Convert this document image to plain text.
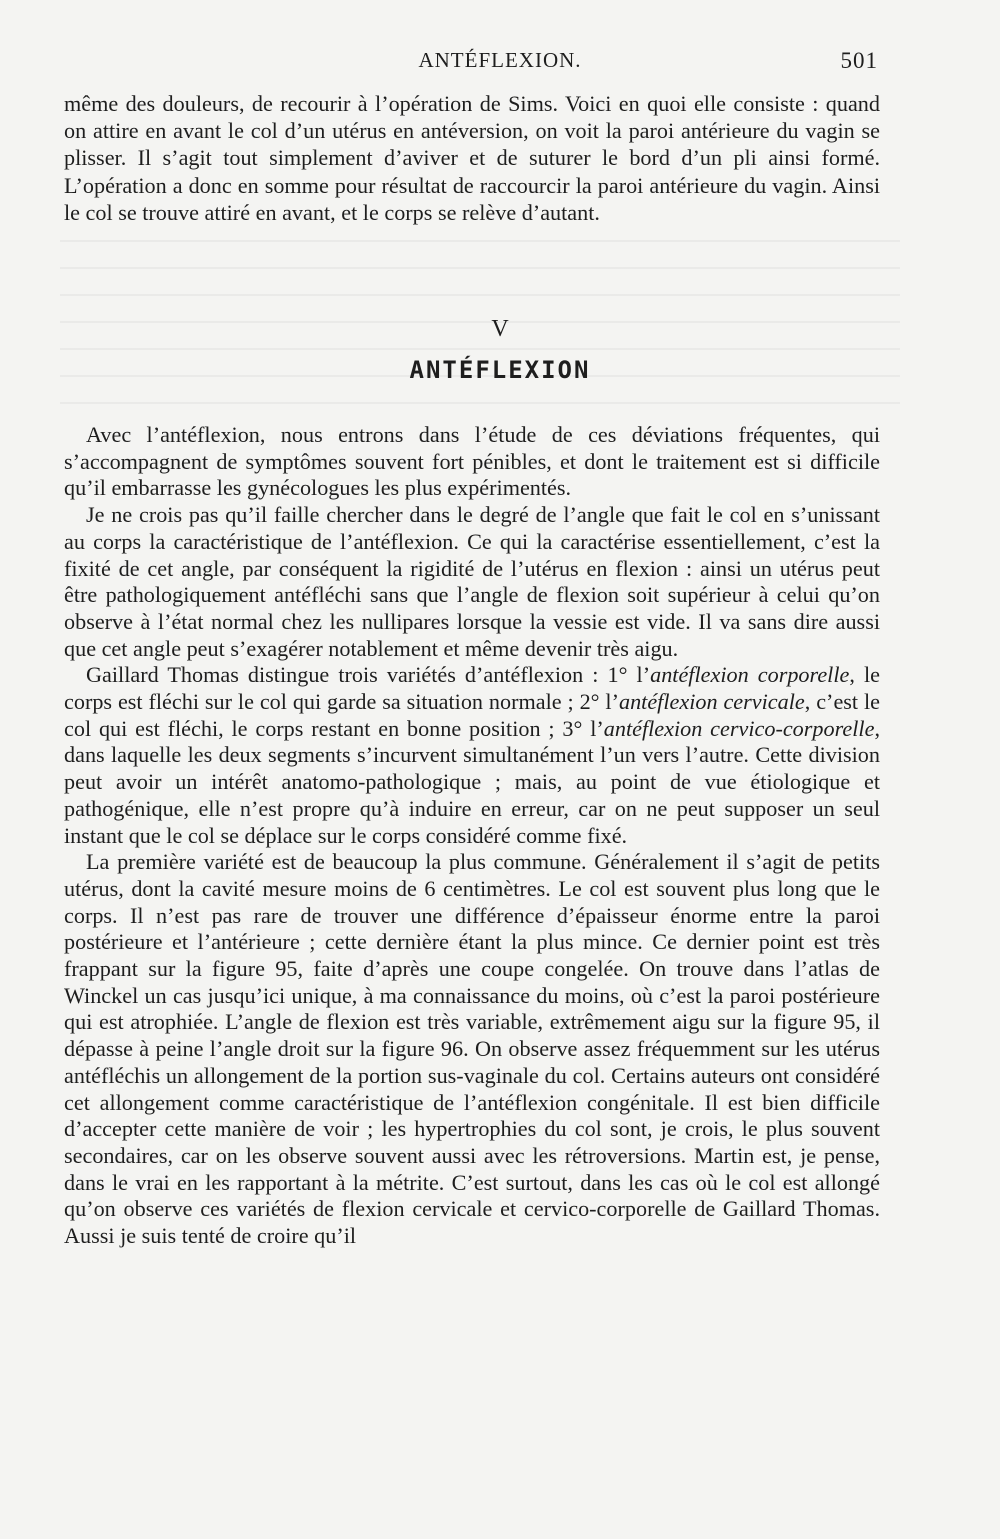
ANTÉFLEXION.	501

même des douleurs, de recourir à l’opération de Sims. Voici en quoi elle consiste : quand on attire en avant le col d’un utérus en antéversion, on voit la paroi antérieure du vagin se plisser. Il s’agit tout simplement d’aviver et de suturer le bord d’un pli ainsi formé. L’opération a donc en somme pour résultat de raccourcir la paroi antérieure du vagin. Ainsi le col se trouve attiré en avant, et le corps se relève d’autant.

V
ANTÉFLEXION

Avec l’antéflexion, nous entrons dans l’étude de ces déviations fréquentes, qui s’accompagnent de symptômes souvent fort pénibles, et dont le traitement est si difficile qu’il embarrasse les gynécologues les plus expérimentés.

Je ne crois pas qu’il faille chercher dans le degré de l’angle que fait le col en s’unissant au corps la caractéristique de l’antéflexion. Ce qui la caractérise essentiellement, c’est la fixité de cet angle, par conséquent la rigidité de l’utérus en flexion : ainsi un utérus peut être pathologiquement antéfléchi sans que l’angle de flexion soit supérieur à celui qu’on observe à l’état normal chez les nullipares lorsque la vessie est vide. Il va sans dire aussi que cet angle peut s’exagérer notablement et même devenir très aigu.

Gaillard Thomas distingue trois variétés d’antéflexion : 1° l’antéflexion corporelle, le corps est fléchi sur le col qui garde sa situation normale ; 2° l’antéflexion cervicale, c’est le col qui est fléchi, le corps restant en bonne position ; 3° l’antéflexion cervico-corporelle, dans laquelle les deux segments s’incurvent simultanément l’un vers l’autre. Cette division peut avoir un intérêt anatomo-pathologique ; mais, au point de vue étiologique et pathogénique, elle n’est propre qu’à induire en erreur, car on ne peut supposer un seul instant que le col se déplace sur le corps considéré comme fixé.

La première variété est de beaucoup la plus commune. Généralement il s’agit de petits utérus, dont la cavité mesure moins de 6 centimètres. Le col est souvent plus long que le corps. Il n’est pas rare de trouver une différence d’épaisseur énorme entre la paroi postérieure et l’antérieure ; cette dernière étant la plus mince. Ce dernier point est très frappant sur la figure 95, faite d’après une coupe congelée. On trouve dans l’atlas de Winckel un cas jusqu’ici unique, à ma connaissance du moins, où c’est la paroi postérieure qui est atrophiée. L’angle de flexion est très variable, extrêmement aigu sur la figure 95, il dépasse à peine l’angle droit sur la figure 96. On observe assez fréquemment sur les utérus antéfléchis un allongement de la portion sus-vaginale du col. Certains auteurs ont considéré cet allongement comme caractéristique de l’antéflexion congénitale. Il est bien difficile d’accepter cette manière de voir ; les hypertrophies du col sont, je crois, le plus souvent secondaires, car on les observe souvent aussi avec les rétroversions. Martin est, je pense, dans le vrai en les rapportant à la métrite. C’est surtout, dans les cas où le col est allongé qu’on observe ces variétés de flexion cervicale et cervico-corporelle de Gaillard Thomas. Aussi je suis tenté de croire qu’il
